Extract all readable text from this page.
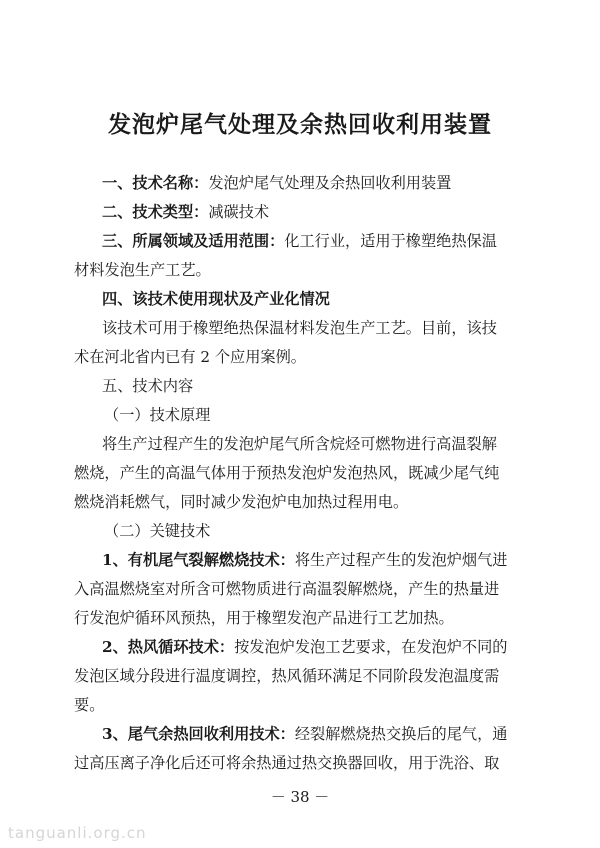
发泡炉尾气处理及余热回收利用装置
一、技术名称：发泡炉尾气处理及余热回收利用装置
二、技术类型：减碳技术
三、所属领域及适用范围：化工行业，适用于橡塑绝热保温
材料发泡生产工艺。
四、该技术使用现状及产业化情况
该技术可用于橡塑绝热保温材料发泡生产工艺。目前，该技
术在河北省内已有 2 个应用案例。
五、技术内容
（一）技术原理
将生产过程产生的发泡炉尾气所含烷烃可燃物进行高温裂解
燃烧，产生的高温气体用于预热发泡炉发泡热风，既减少尾气纯
燃烧消耗燃气，同时减少发泡炉电加热过程用电。
（二）关键技术
1、有机尾气裂解燃烧技术：将生产过程产生的发泡炉烟气进
入高温燃烧室对所含可燃物质进行高温裂解燃烧，产生的热量进
行发泡炉循环风预热，用于橡塑发泡产品进行工艺加热。
2、热风循环技术：按发泡炉发泡工艺要求，在发泡炉不同的
发泡区域分段进行温度调控，热风循环满足不同阶段发泡温度需
要。
3、尾气余热回收利用技术：经裂解燃烧热交换后的尾气，通
过高压离子净化后还可将余热通过热交换器回收，用于洗浴、取
－ 38 －
tanguanli.org.cn
